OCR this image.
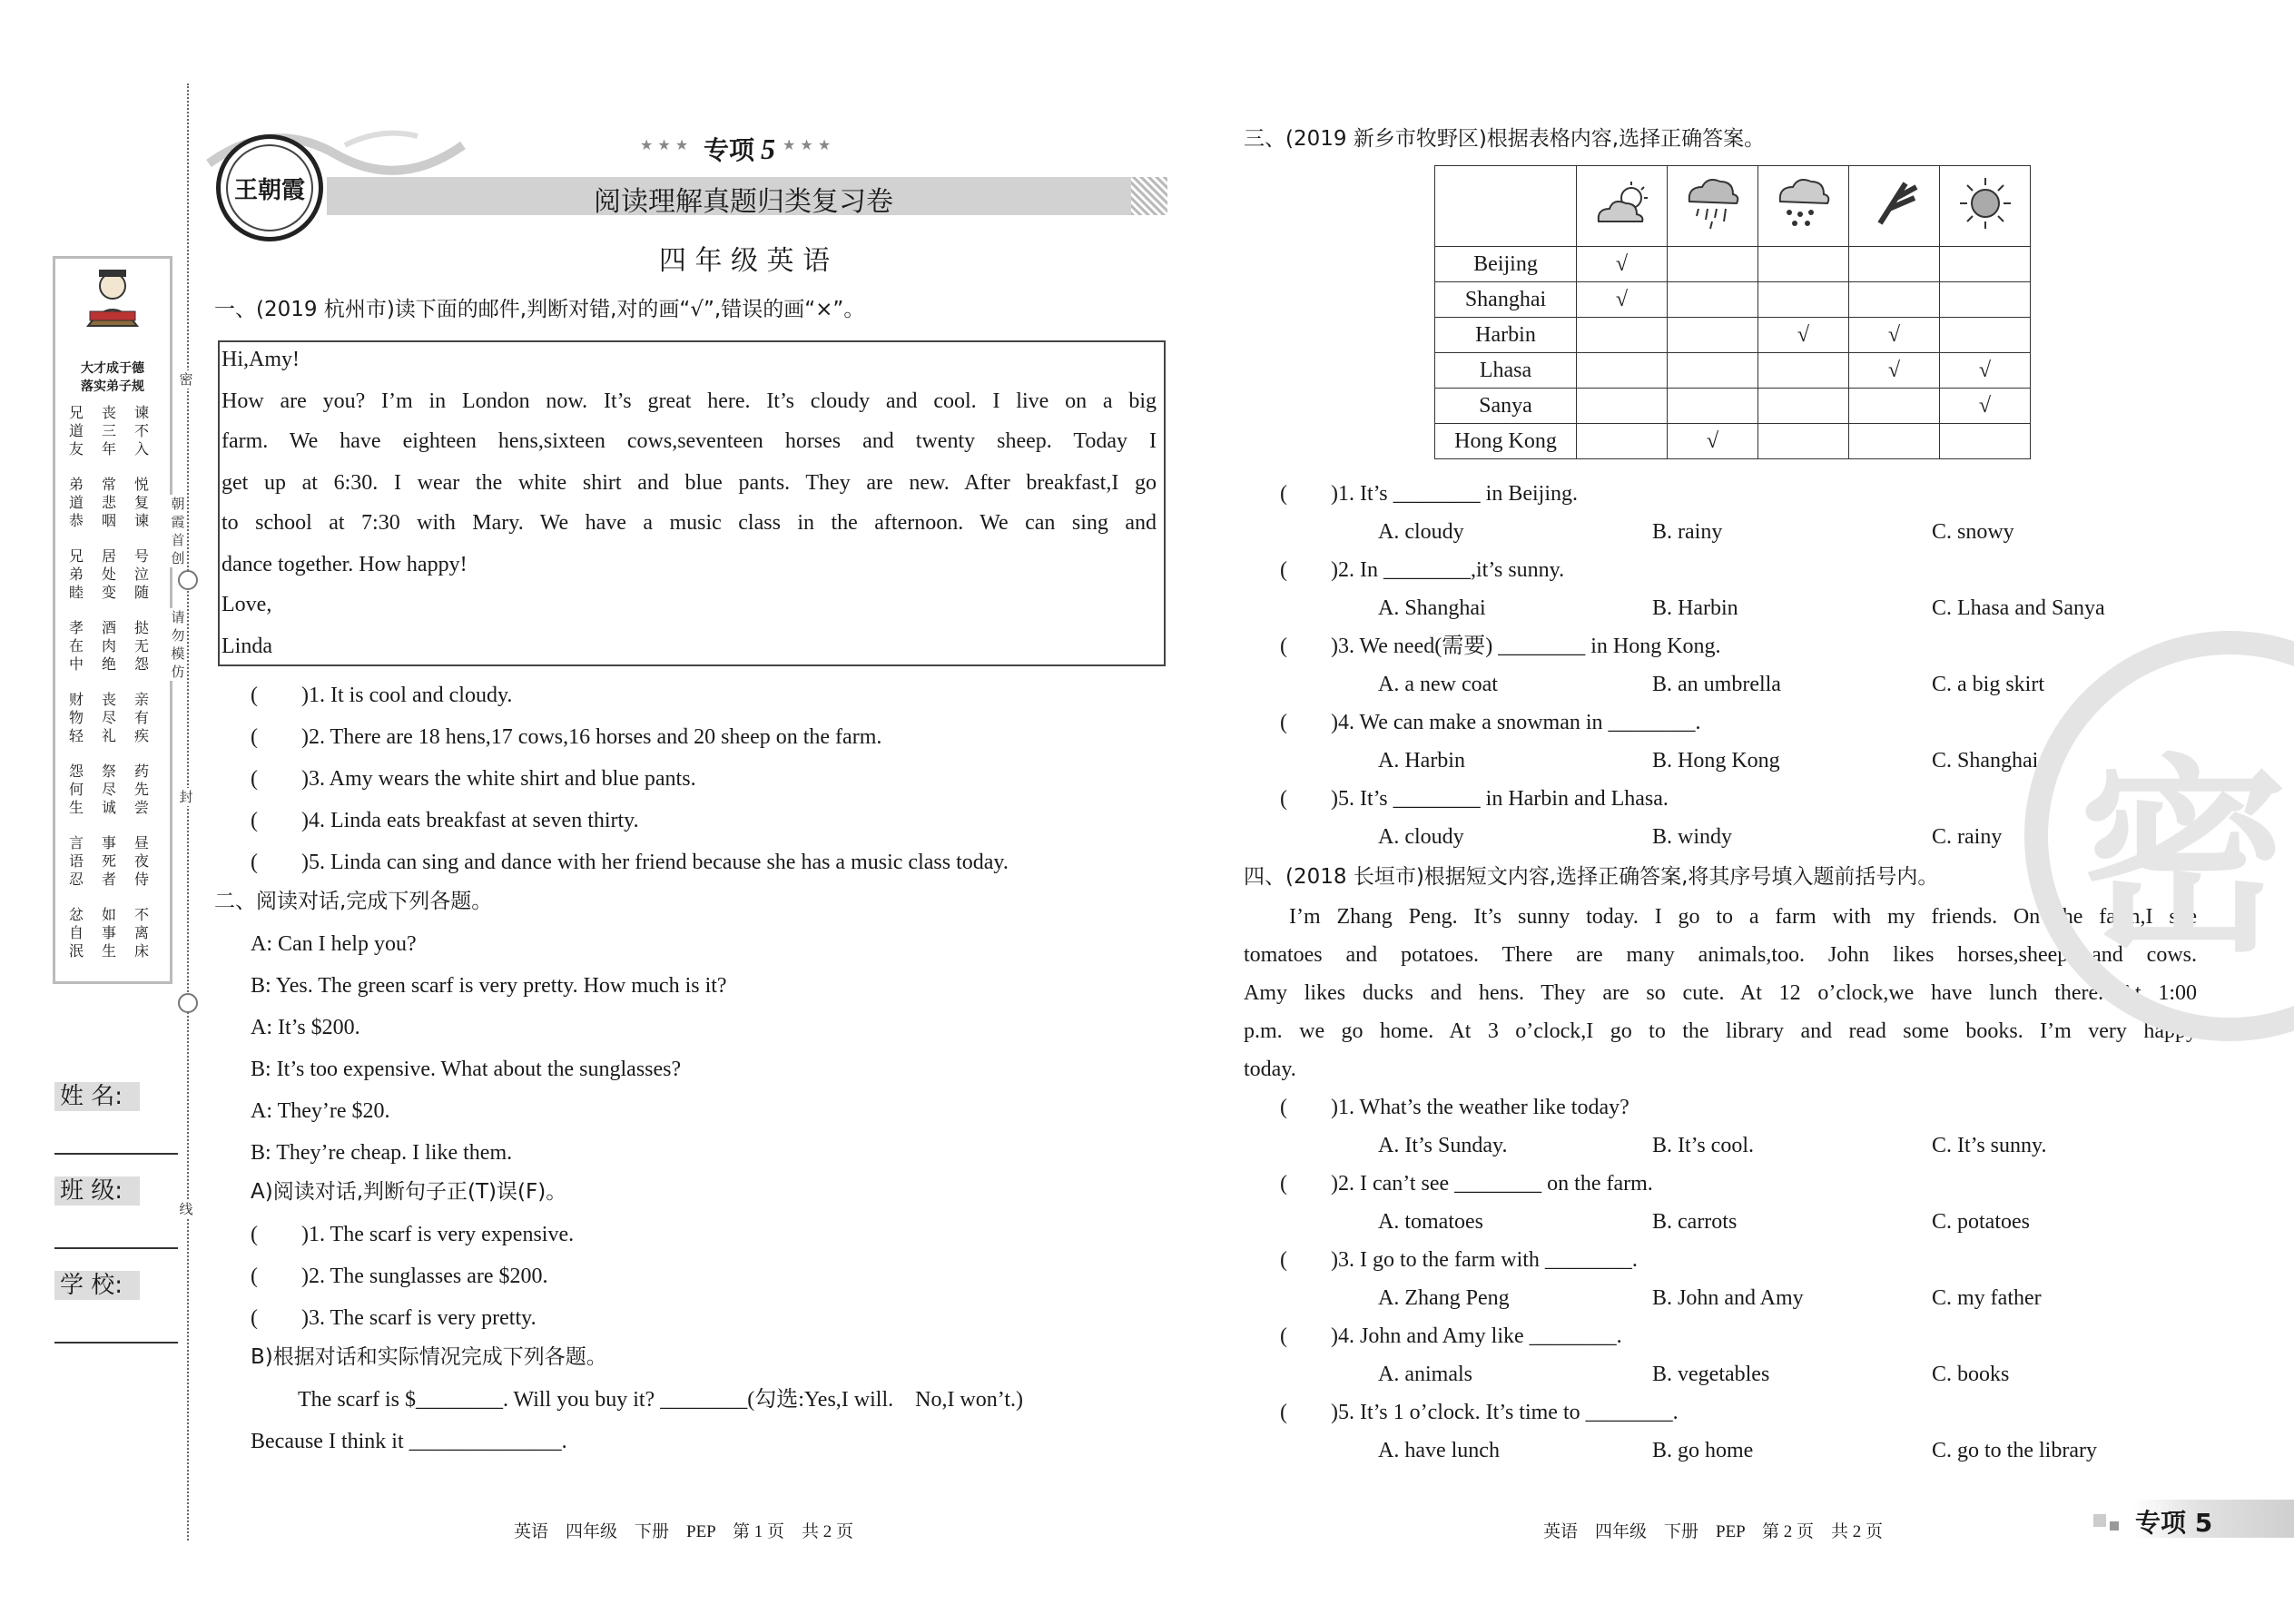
大才成于德
落实弟子规
兄道友
丧三年
谏不入
弟道恭
常悲咽
悦复谏
兄弟睦
居处变
号泣随
孝在中
酒肉绝
挞无怨
财物轻
丧尽礼
亲有疾
怨何生
祭尽诚
药先尝
言语忍
事死者
昼夜侍
忿自泯
如事生
不离床
密
朝霞首创
请勿模仿
封
线
姓 名:
班 级:
学 校:
王朝霞
★ ★ ★ 专项 5 ★ ★ ★
阅读理解真题归类复习卷
四 年 级 英 语
一、(2019 杭州市)读下面的邮件,判断对错,对的画“√”,错误的画“×”。
Hi,Amy!
How are you? I’m in London now. It’s great here. It’s cloudy and cool. I live on a big
farm. We have eighteen hens,sixteen cows,seventeen horses and twenty sheep. Today I
get up at 6:30. I wear the white shirt and blue pants. They are new. After breakfast,I go
to school at 7:30 with Mary. We have a music class in the afternoon. We can sing and
dance together. How happy!
Love,
Linda
(　　)1. It is cool and cloudy.
(　　)2. There are 18 hens,17 cows,16 horses and 20 sheep on the farm.
(　　)3. Amy wears the white shirt and blue pants.
(　　)4. Linda eats breakfast at seven thirty.
(　　)5. Linda can sing and dance with her friend because she has a music class today.
二、阅读对话,完成下列各题。
A: Can I help you?
B: Yes. The green scarf is very pretty. How much is it?
A: It’s $200.
B: It’s too expensive. What about the sunglasses?
A: They’re $20.
B: They’re cheap. I like them.
A)阅读对话,判断句子正(T)误(F)。
(　　)1. The scarf is very expensive.
(　　)2. The sunglasses are $200.
(　　)3. The scarf is very pretty.
B)根据对话和实际情况完成下列各题。
The scarf is $________. Will you buy it? ________(勾选:Yes,I will.　No,I won’t.)
Because I think it ______________.
英语　四年级　下册　PEP　第 1 页　共 2 页
三、(2019 新乡市牧野区)根据表格内容,选择正确答案。

Beijing	√				
Shanghai	√				
Harbin			√	√	
Lhasa				√	√
Sanya					√
Hong Kong		√			
(　　)1. It’s ________ in Beijing.
A. cloudy	B. rainy	C. snowy
(　　)2. In ________,it’s sunny.
A. Shanghai	B. Harbin	C. Lhasa and Sanya
(　　)3. We need(需要) ________ in Hong Kong.
A. a new coat	B. an umbrella	C. a big skirt
(　　)4. We can make a snowman in ________.
A. Harbin	B. Hong Kong	C. Shanghai
(　　)5. It’s ________ in Harbin and Lhasa.
A. cloudy	B. windy	C. rainy
四、(2018 长垣市)根据短文内容,选择正确答案,将其序号填入题前括号内。
I’m Zhang Peng. It’s sunny today. I go to a farm with my friends. On the farm,I see
tomatoes and potatoes. There are many animals,too. John likes horses,sheep and cows.
Amy likes ducks and hens. They are so cute. At 12 o’clock,we have lunch there. At 1:00
p.m. we go home. At 3 o’clock,I go to the library and read some books. I’m very happy
today.
(　　)1. What’s the weather like today?
A. It’s Sunday.	B. It’s cool.	C. It’s sunny.
(　　)2. I can’t see ________ on the farm.
A. tomatoes	B. carrots	C. potatoes
(　　)3. I go to the farm with ________.
A. Zhang Peng	B. John and Amy	C. my father
(　　)4. John and Amy like ________.
A. animals	B. vegetables	C. books
(　　)5. It’s 1 o’clock. It’s time to ________.
A. have lunch	B. go home	C. go to the library
密
英语　四年级　下册　PEP　第 2 页　共 2 页	专项 5
